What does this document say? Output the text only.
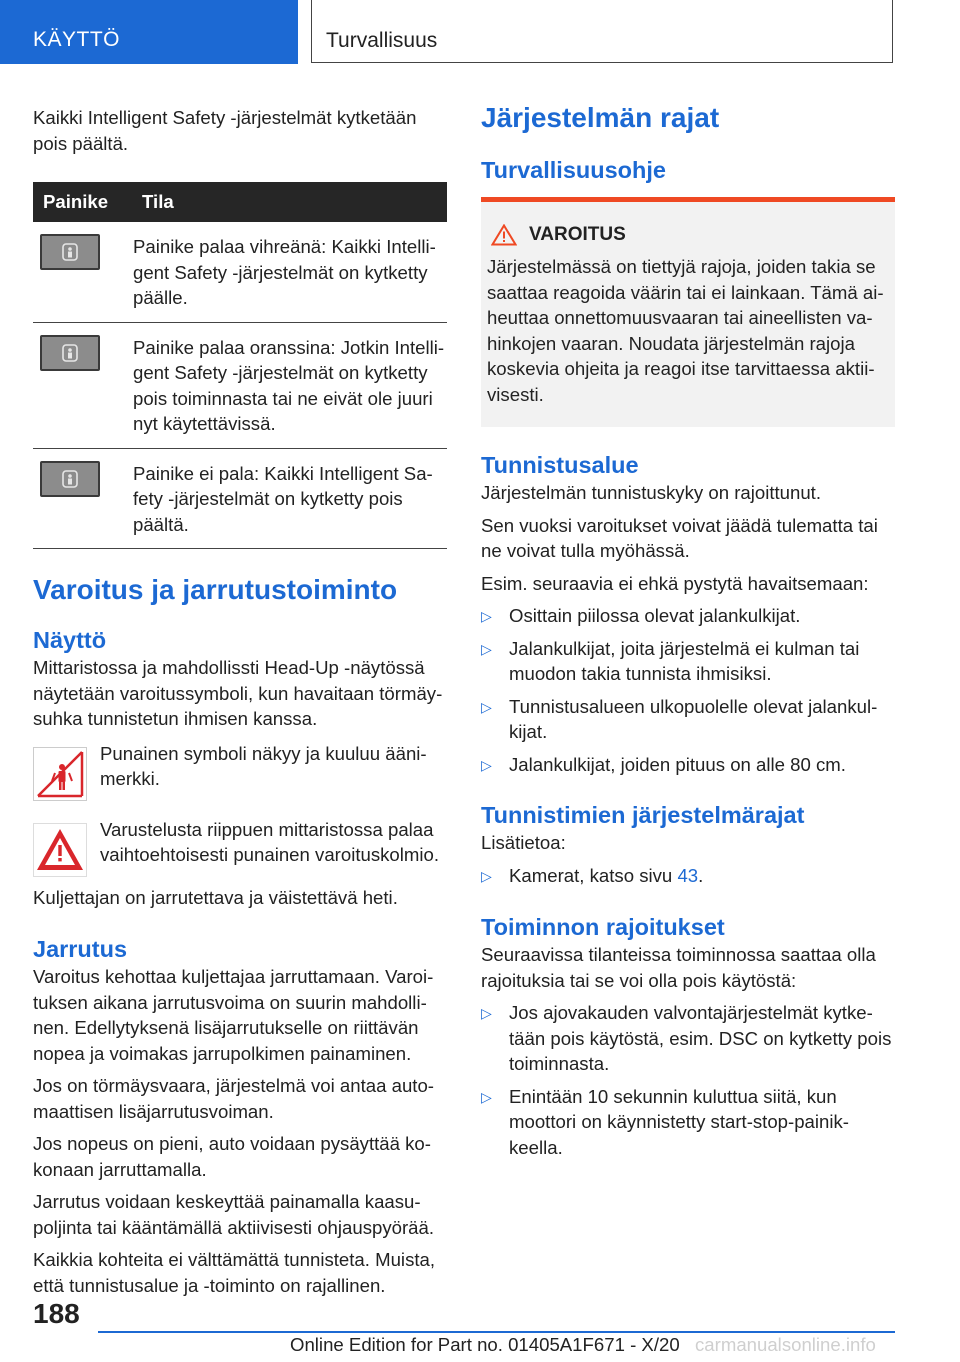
KÄYTTÖ	Turvallisuus

Kaikki Intelligent Safety -järjestelmät kytketään pois päältä.

Painike	Tila

	Painike palaa vihreänä: Kaikki Intelli-gent Safety -järjestelmät on kytketty päälle.

	Painike palaa oranssina: Jotkin Intelli-gent Safety -järjestelmät on kytketty pois toiminnasta tai ne eivät ole juuri nyt käytettävissä.

	Painike ei pala: Kaikki Intelligent Sa-fety -järjestelmät on kytketty pois päältä.
Varoitus ja jarrutustoiminto
Näyttö

Mittaristossa ja mahdollissti Head-Up -näytössä näytetään varoitussymboli, kun havaitaan törmäy-suhka tunnistetun ihmisen kanssa.

Punainen symboli näkyy ja kuuluu ääni-merkki.

Varustelusta riippuen mittaristossa palaa vaihtoehtoisesti punainen varoituskolmio.

Kuljettajan on jarrutettava ja väistettävä heti.

Jarrutus

Varoitus kehottaa kuljettajaa jarruttamaan. Varoi-tuksen aikana jarrutusvoima on suurin mahdolli-nen. Edellytyksenä lisäjarrutukselle on riittävän nopea ja voimakas jarrupolkimen painaminen.

Jos on törmäysvaara, järjestelmä voi antaa auto-maattisen lisäjarrutusvoiman.

Jos nopeus on pieni, auto voidaan pysäyttää ko-konaan jarruttamalla.

Jarrutus voidaan keskeyttää painamalla kaasu-poljinta tai kääntämällä aktiivisesti ohjauspyörää.

Kaikkia kohteita ei välttämättä tunnisteta. Muista, että tunnistusalue ja -toiminto on rajallinen.

Järjestelmän rajat
Turvallisuusohje
VAROITUS

Järjestelmässä on tiettyjä rajoja, joiden takia se saattaa reagoida väärin tai ei lainkaan. Tämä ai-heuttaa onnettomuusvaaran tai aineellisten va-hinkojen vaaran. Noudata järjestelmän rajoja koskevia ohjeita ja reagoi itse tarvittaessa aktii-visesti.

Tunnistusalue

Järjestelmän tunnistuskyky on rajoittunut.

Sen vuoksi varoitukset voivat jäädä tulematta tai ne voivat tulla myöhässä.

Esim. seuraavia ei ehkä pystytä havaitsemaan:

▷ Osittain piilossa olevat jalankulkijat.
▷ Jalankulkijat, joita järjestelmä ei kulman tai muodon takia tunnista ihmisiksi.
▷ Tunnistusalueen ulkopuolelle olevat jalankul-kijat.
▷ Jalankulkijat, joiden pituus on alle 80 cm.
Tunnistimien järjestelmärajat

Lisätietoa:

▷ Kamerat, katso sivu 43.
Toiminnon rajoitukset

Seuraavissa tilanteissa toiminnossa saattaa olla rajoituksia tai se voi olla pois käytöstä:

▷ Jos ajovakauden valvontajärjestelmät kytke-tään pois käytöstä, esim. DSC on kytketty pois toiminnasta.
▷ Enintään 10 sekunnin kuluttua siitä, kun moottori on käynnistetty start-stop-painik-keella.
188
Online Edition for Part no. 01405A1F671 - X/20 carmanualsonline.info
